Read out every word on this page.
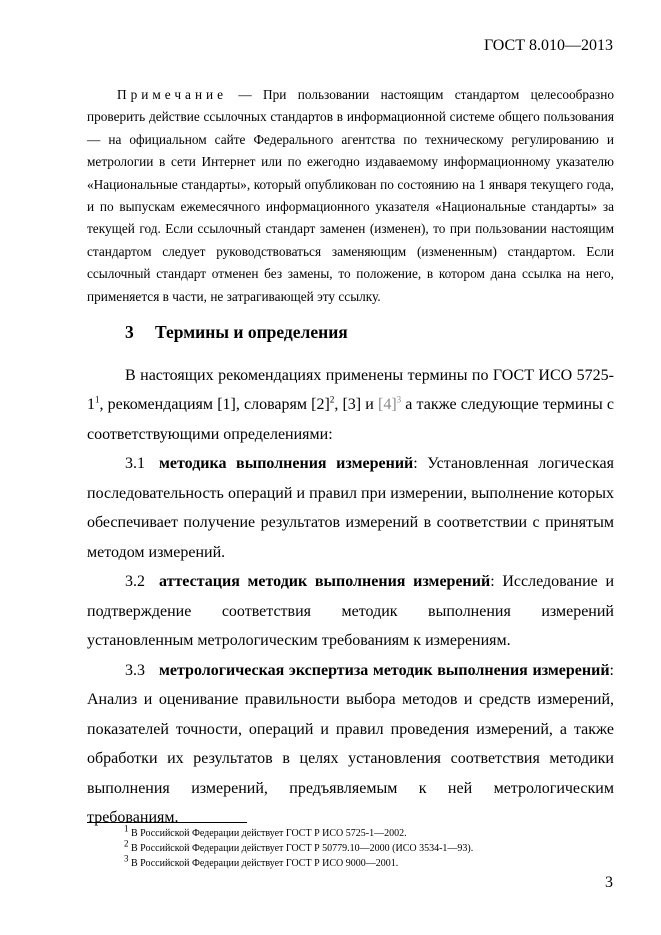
ГОСТ 8.010—2013

Примечание — При пользовании настоящим стандартом целесообразно проверить действие ссылочных стандартов в информационной системе общего пользования — на официальном сайте Федерального агентства по техническому регулированию и метрологии в сети Интернет или по ежегодно издаваемому информационному указателю «Национальные стандарты», который опубликован по состоянию на 1 января текущего года, и по выпускам ежемесячного информационного указателя «Национальные стандарты» за текущей год. Если ссылочный стандарт заменен (изменен), то при пользовании настоящим стандартом следует руководствоваться заменяющим (измененным) стандартом. Если ссылочный стандарт отменен без замены, то положение, в котором дана ссылка на него, применяется в части, не затрагивающей эту ссылку.

3 Термины и определения

В настоящих рекомендациях применены термины по ГОСТ ИСО $5725-1^1$, рекомендациям [1], словарям $[2]^2$, [3] и [4]$^3$ а также следующие термины с соответствующими определениями:

3.1 методика выполнения измерений: Установленная логическая последовательность операций и правил при измерении, выполнение которых обеспечивает получение результатов измерений в соответствии с принятым методом измерений.

3.2 аттестация методик выполнения измерений: Исследование и подтверждение соответствия методик выполнения измерений установленным метрологическим требованиям к измерениям.

3.3 метрологическая экспертиза методик выполнения измерений: Анализ и оценивание правильности выбора методов и средств измерений, показателей точности, операций и правил проведения измерений, а также обработки их результатов в целях установления соответствия методики выполнения измерений, предъявляемым к ней метрологическим требованиям.

$^1$ В Российской Федерации действует ГОСТ Р ИСО 5725-1—2002.
$^2$ В Российской Федерации действует ГОСТ Р 50779.10—2000 (ИСО 3534-1—93).
$^3$ В Российской Федерации действует ГОСТ Р ИСО 9000—2001.
3
